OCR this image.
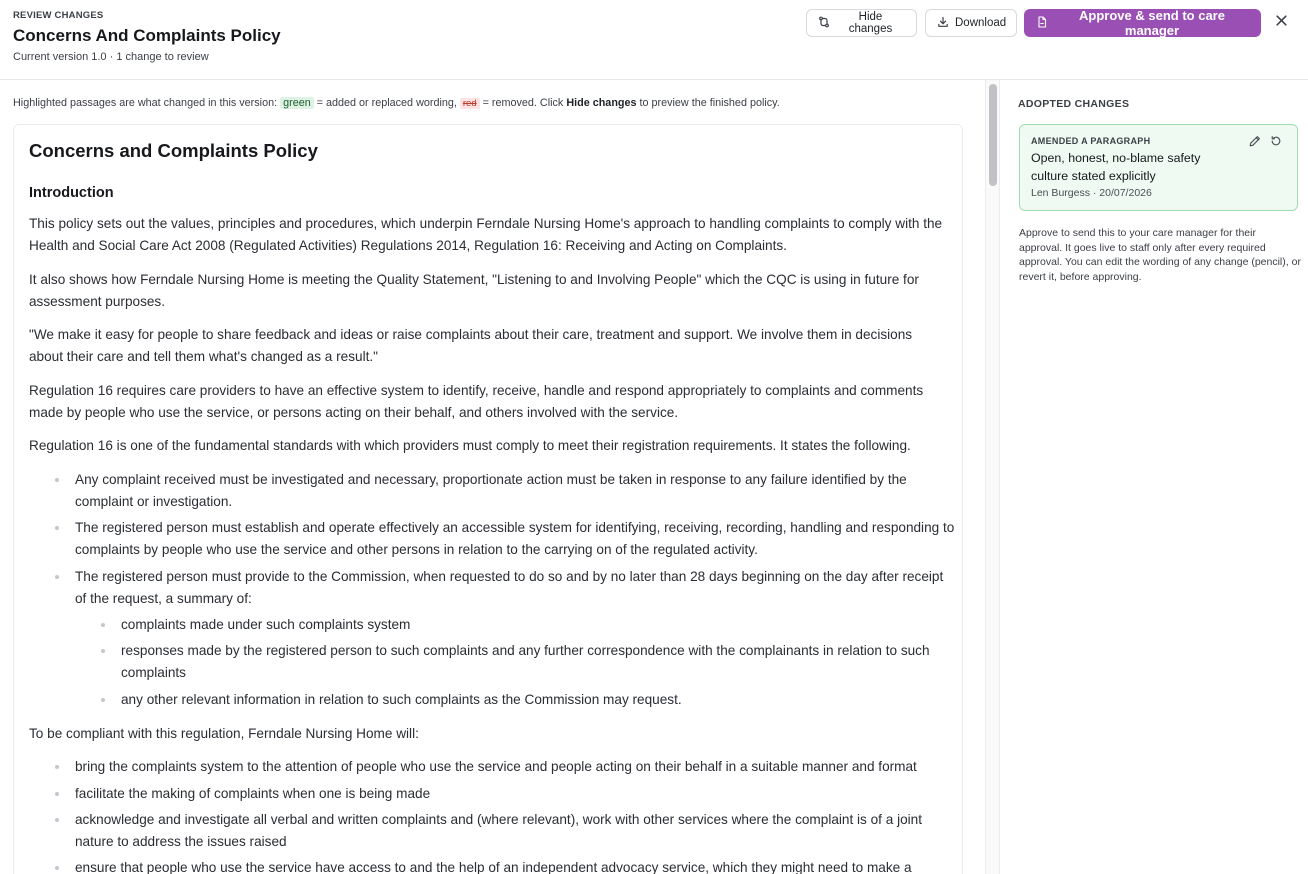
REVIEW CHANGES
Concerns And Complaints Policy
Current version 1.0 · 1 change to review
Hide changes	Download	Approve & send to care manager
Highlighted passages are what changed in this version: green = added or replaced wording, red = removed. Click Hide changes to preview the finished policy.
Concerns and Complaints Policy
Introduction
This policy sets out the values, principles and procedures, which underpin Ferndale Nursing Home's approach to handling complaints to comply with the Health and Social Care Act 2008 (Regulated Activities) Regulations 2014, Regulation 16: Receiving and Acting on Complaints.
It also shows how Ferndale Nursing Home is meeting the Quality Statement, "Listening to and Involving People" which the CQC is using in future for assessment purposes.
"We make it easy for people to share feedback and ideas or raise complaints about their care, treatment and support. We involve them in decisions about their care and tell them what's changed as a result."
Regulation 16 requires care providers to have an effective system to identify, receive, handle and respond appropriately to complaints and comments made by people who use the service, or persons acting on their behalf, and others involved with the service.
Regulation 16 is one of the fundamental standards with which providers must comply to meet their registration requirements. It states the following.
Any complaint received must be investigated and necessary, proportionate action must be taken in response to any failure identified by the complaint or investigation.
The registered person must establish and operate effectively an accessible system for identifying, receiving, recording, handling and responding to complaints by people who use the service and other persons in relation to the carrying on of the regulated activity.
The registered person must provide to the Commission, when requested to do so and by no later than 28 days beginning on the day after receipt of the request, a summary of:
complaints made under such complaints system
responses made by the registered person to such complaints and any further correspondence with the complainants in relation to such complaints
any other relevant information in relation to such complaints as the Commission may request.
To be compliant with this regulation, Ferndale Nursing Home will:
bring the complaints system to the attention of people who use the service and people acting on their behalf in a suitable manner and format
facilitate the making of complaints when one is being made
acknowledge and investigate all verbal and written complaints and (where relevant), work with other services where the complaint is of a joint nature to address the issues raised
ensure that people who use the service have access to and the help of an independent advocacy service, which they might need to make a
ADOPTED CHANGES
AMENDED A PARAGRAPH
Open, honest, no-blame safety culture stated explicitly
Len Burgess · 20/07/2026
Approve to send this to your care manager for their approval. It goes live to staff only after every required approval. You can edit the wording of any change (pencil), or revert it, before approving.
